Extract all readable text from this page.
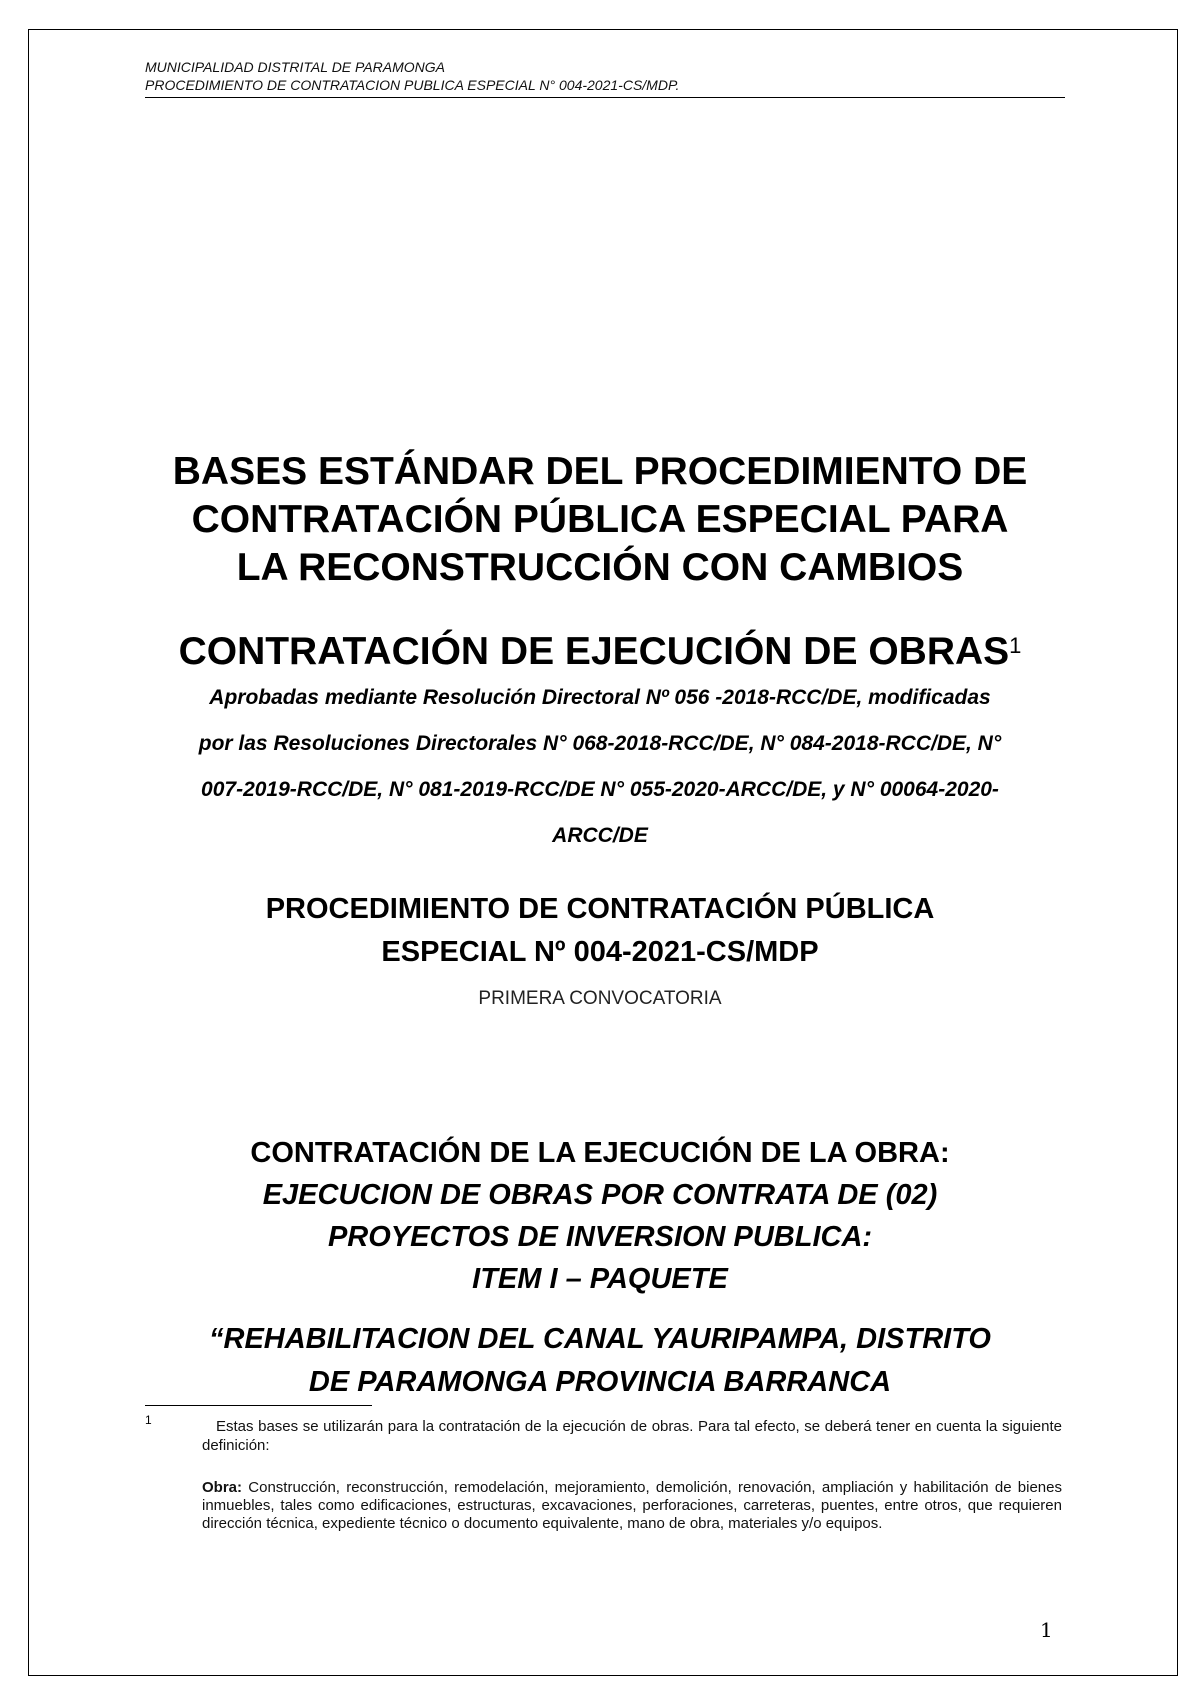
MUNICIPALIDAD DISTRITAL DE PARAMONGA
PROCEDIMIENTO DE CONTRATACION PUBLICA ESPECIAL N° 004-2021-CS/MDP.
BASES ESTÁNDAR DEL PROCEDIMIENTO DE
CONTRATACIÓN PÚBLICA ESPECIAL PARA
LA RECONSTRUCCIÓN CON CAMBIOS
CONTRATACIÓN DE EJECUCIÓN DE OBRAS$^1$
Aprobadas mediante Resolución Directoral Nº 056 -2018-RCC/DE, modificadas
por las Resoluciones Directorales N° 068-2018-RCC/DE, N° 084-2018-RCC/DE, N°
007-2019-RCC/DE, N° 081-2019-RCC/DE N° 055-2020-ARCC/DE, y N° 00064-2020-
ARCC/DE
PROCEDIMIENTO DE CONTRATACIÓN PÚBLICA
ESPECIAL Nº 004-2021-CS/MDP
PRIMERA CONVOCATORIA
CONTRATACIÓN DE LA EJECUCIÓN DE LA OBRA:
EJECUCION DE OBRAS POR CONTRATA DE (02)
PROYECTOS DE INVERSION PUBLICA:
ITEM I – PAQUETE
“REHABILITACION DEL CANAL YAURIPAMPA, DISTRITO
DE PARAMONGA PROVINCIA BARRANCA
1	Estas bases se utilizarán para la contratación de la ejecución de obras. Para tal efecto, se deberá tener en cuenta la siguiente definición:
Obra: Construcción, reconstrucción, remodelación, mejoramiento, demolición, renovación, ampliación y habilitación de bienes inmuebles, tales como edificaciones, estructuras, excavaciones, perforaciones, carreteras, puentes, entre otros, que requieren dirección técnica, expediente técnico o documento equivalente, mano de obra, materiales y/o equipos.
1
